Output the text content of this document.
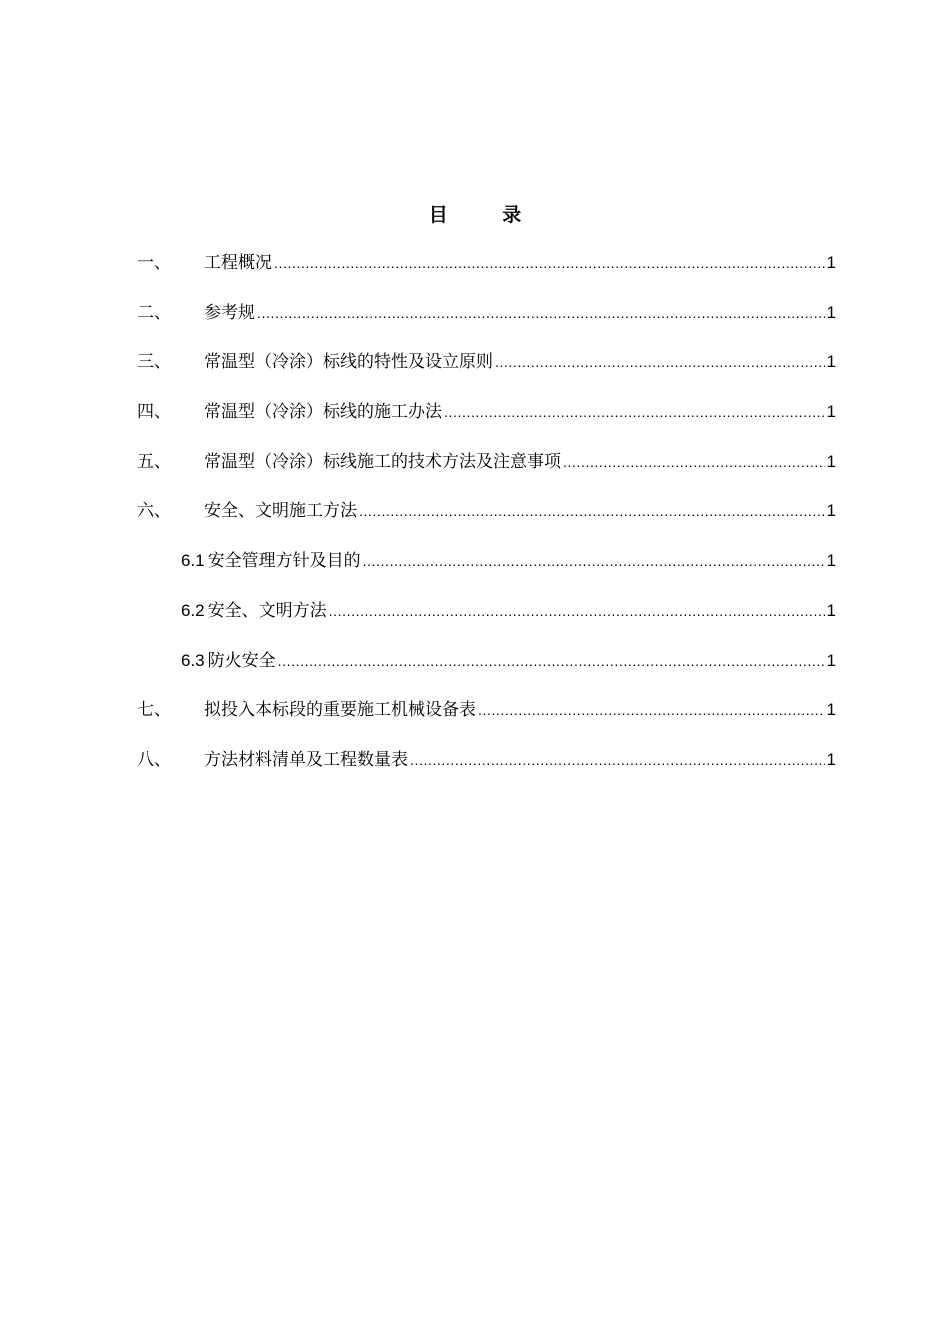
目 录
一、	工程概况 .....	1
二、	参考规 .....	1
三、	常温型（冷涂）标线的特性及设立原则 .....	1
四、	常温型（冷涂）标线的施工办法 .....	1
五、	常温型（冷涂）标线施工的技术方法及注意事项 .....	1
六、	安全、文明施工方法 .....	1
6.1 安全管理方针及目的 .....	1
6.2 安全、文明方法 .....	1
6.3 防火安全 .....	1
七、	拟投入本标段的重要施工机械设备表 .....	1
八、	方法材料清单及工程数量表 .....	1
